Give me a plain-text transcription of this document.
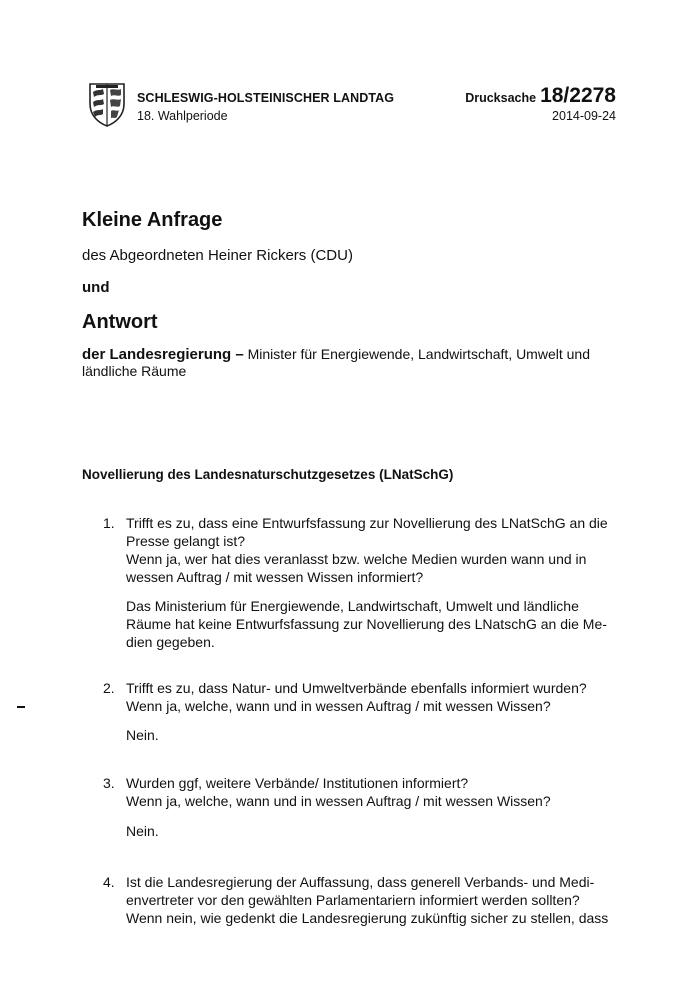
SCHLESWIG-HOLSTEINISCHER LANDTAG
18. Wahlperiode
Drucksache 18/2278
2014-09-24
Kleine Anfrage
des Abgeordneten Heiner Rickers (CDU)
und
Antwort
der Landesregierung – Minister für Energiewende, Landwirtschaft, Umwelt und ländliche Räume
Novellierung des Landesnaturschutzgesetzes (LNatSchG)
1. Trifft es zu, dass eine Entwurfsfassung zur Novellierung des LNatSchG an die
Presse gelangt ist?
Wenn ja, wer hat dies veranlasst bzw. welche Medien wurden wann und in
wessen Auftrag / mit wessen Wissen informiert?
Das Ministerium für Energiewende, Landwirtschaft, Umwelt und ländliche
Räume hat keine Entwurfsfassung zur Novellierung des LNatschG an die Me-
dien gegeben.
2. Trifft es zu, dass Natur- und Umweltverbände ebenfalls informiert wurden?
Wenn ja, welche, wann und in wessen Auftrag / mit wessen Wissen?
Nein.
3. Wurden ggf, weitere Verbände/ Institutionen informiert?
Wenn ja, welche, wann und in wessen Auftrag / mit wessen Wissen?
Nein.
4. Ist die Landesregierung der Auffassung, dass generell Verbands- und Medi-
envertreter vor den gewählten Parlamentariern informiert werden sollten?
Wenn nein, wie gedenkt die Landesregierung zukünftig sicher zu stellen, dass
